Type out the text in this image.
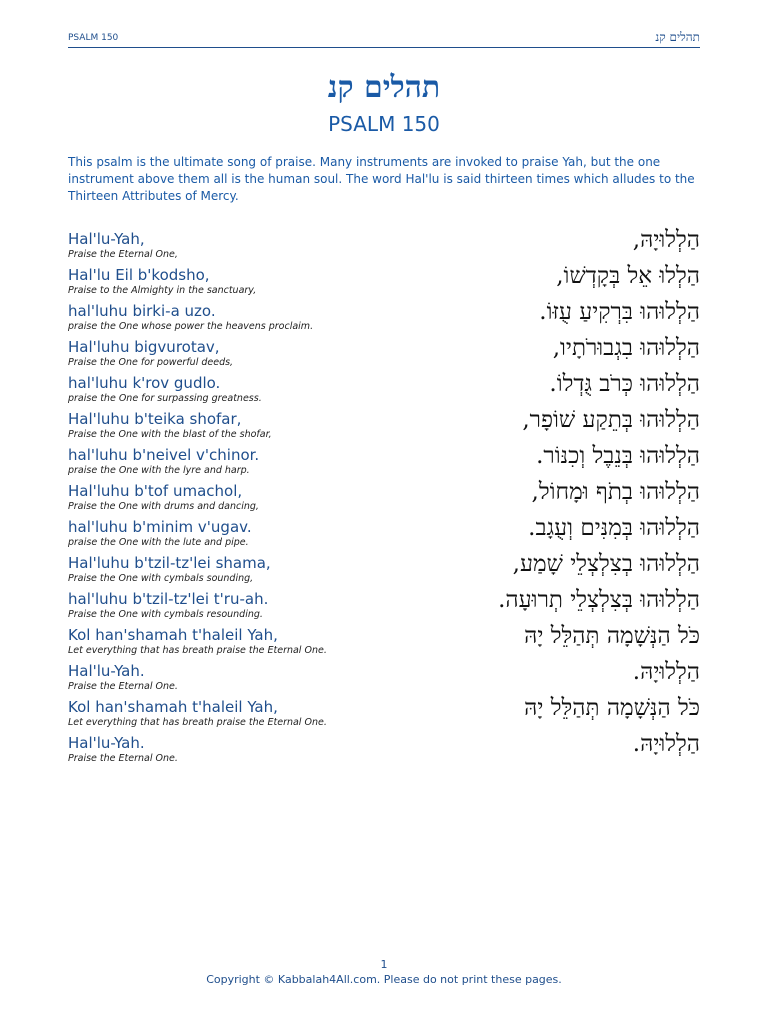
PSALM 150	תהלים קנ
תהלים קנ
PSALM 150
This psalm is the ultimate song of praise. Many instruments are invoked to praise Yah, but the one instrument above them all is the human soul. The word Hal'lu is said thirteen times which alludes to the Thirteen Attributes of Mercy.
Hal'lu-Yah,
Praise the Eternal One,
הַלְלוּיָהּ,
Hal'lu Eil b'kodsho,
Praise to the Almighty in the sanctuary,
הַלְלוּ אֵל בְּקָדְשׁוֹ,
hal'luhu birki-a uzo.
praise the One whose power the heavens proclaim.
הַלְלוּהוּ בִּרְקִיעַ עֻזּוֹ.
Hal'luhu bigvurotav,
Praise the One for powerful deeds,
הַלְלוּהוּ בִגְבוּרֹתָיו,
hal'luhu k'rov gudlo.
praise the One for surpassing greatness.
הַלְלוּהוּ כְּרֹב גֻּדְלוֹ.
Hal'luhu b'teika shofar,
Praise the One with the blast of the shofar,
הַלְלוּהוּ בְּתֵקַע שׁוֹפָר,
hal'luhu b'neivel v'chinor.
praise the One with the lyre and harp.
הַלְלוּהוּ בְּנֵבֶל וְכִנּוֹר.
Hal'luhu b'tof umachol,
Praise the One with drums and dancing,
הַלְלוּהוּ בְתֹף וּמָחוֹל,
hal'luhu b'minim v'ugav.
praise the One with the lute and pipe.
הַלְלוּהוּ בְּמִנִּים וְעֻגָב.
Hal'luhu b'tzil-tz'lei shama,
Praise the One with cymbals sounding,
הַלְלוּהוּ בְצִלְצְלֵי שָׁמַע,
hal'luhu b'tzil-tz'lei t'ru-ah.
Praise the One with cymbals resounding.
הַלְלוּהוּ בְּצִלְצְלֵי תְרוּעָה.
Kol han'shamah t'haleil Yah,
Let everything that has breath praise the Eternal One.
כֹּל הַנְּשָׁמָה תְּהַלֵּל יָהּ
Hal'lu-Yah.
Praise the Eternal One.
הַלְלוּיָהּ.
Kol han'shamah t'haleil Yah,
Let everything that has breath praise the Eternal One.
כֹּל הַנְּשָׁמָה תְּהַלֵּל יָהּ
Hal'lu-Yah.
Praise the Eternal One.
הַלְלוּיָהּ.
1
Copyright © Kabbalah4All.com. Please do not print these pages.
